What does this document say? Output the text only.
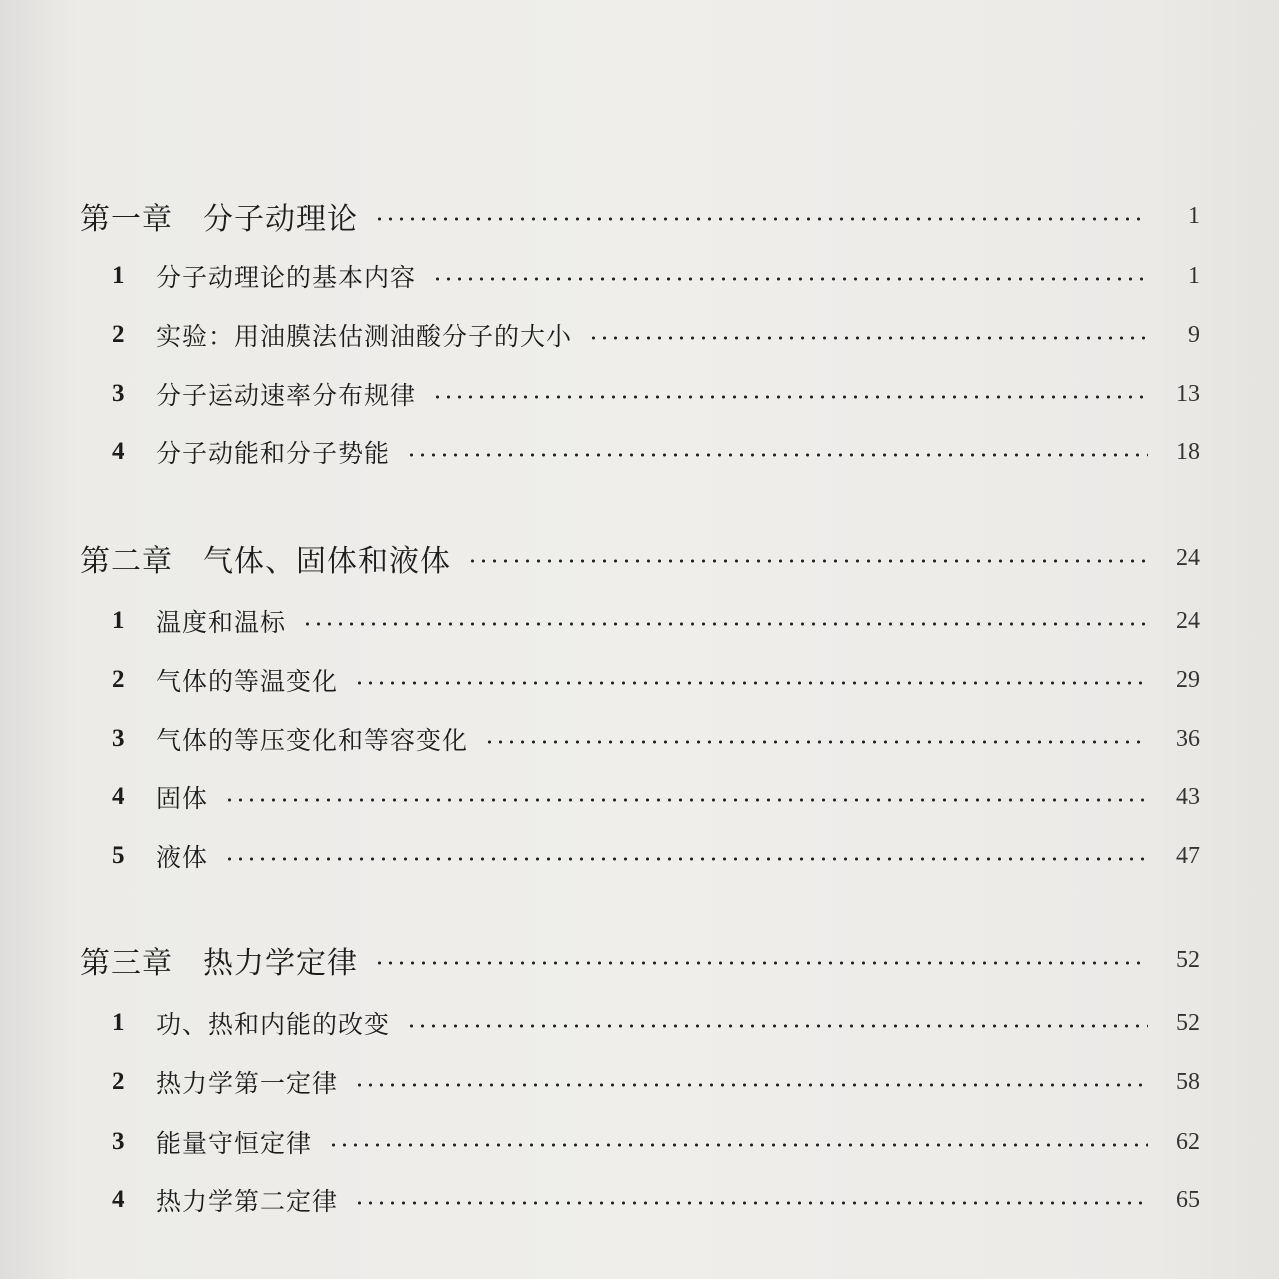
第一章 分子动理论	1
1	分子动理论的基本内容	1
2	实验：用油膜法估测油酸分子的大小	9
3	分子运动速率分布规律	13
4	分子动能和分子势能	18
第二章 气体、固体和液体	24
1	温度和温标	24
2	气体的等温变化	29
3	气体的等压变化和等容变化	36
4	固体	43
5	液体	47
第三章 热力学定律	52
1	功、热和内能的改变	52
2	热力学第一定律	58
3	能量守恒定律	62
4	热力学第二定律	65
